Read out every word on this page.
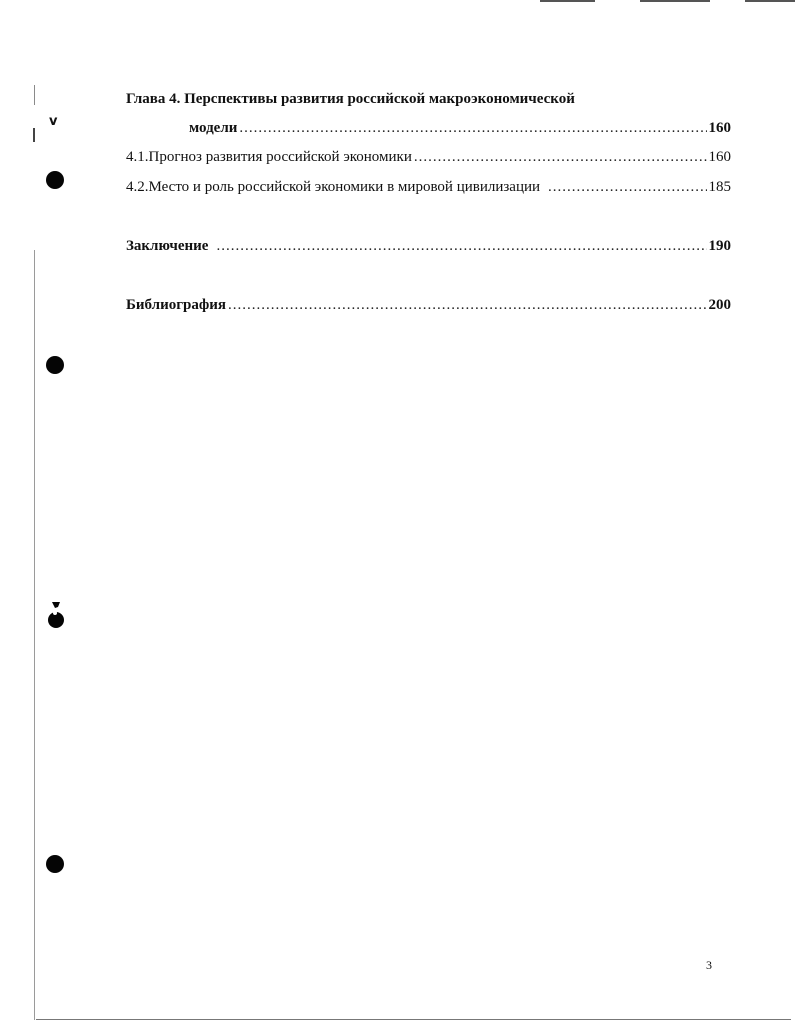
v
Глава 4. Перспективы развития российской макроэкономической
модели .....	160
4.1.Прогноз развития российской экономики .....	160
4.2.Место и роль российской экономики в мировой цивилизации .....	185
Заключение .....	190
Библиография .....	200
3
